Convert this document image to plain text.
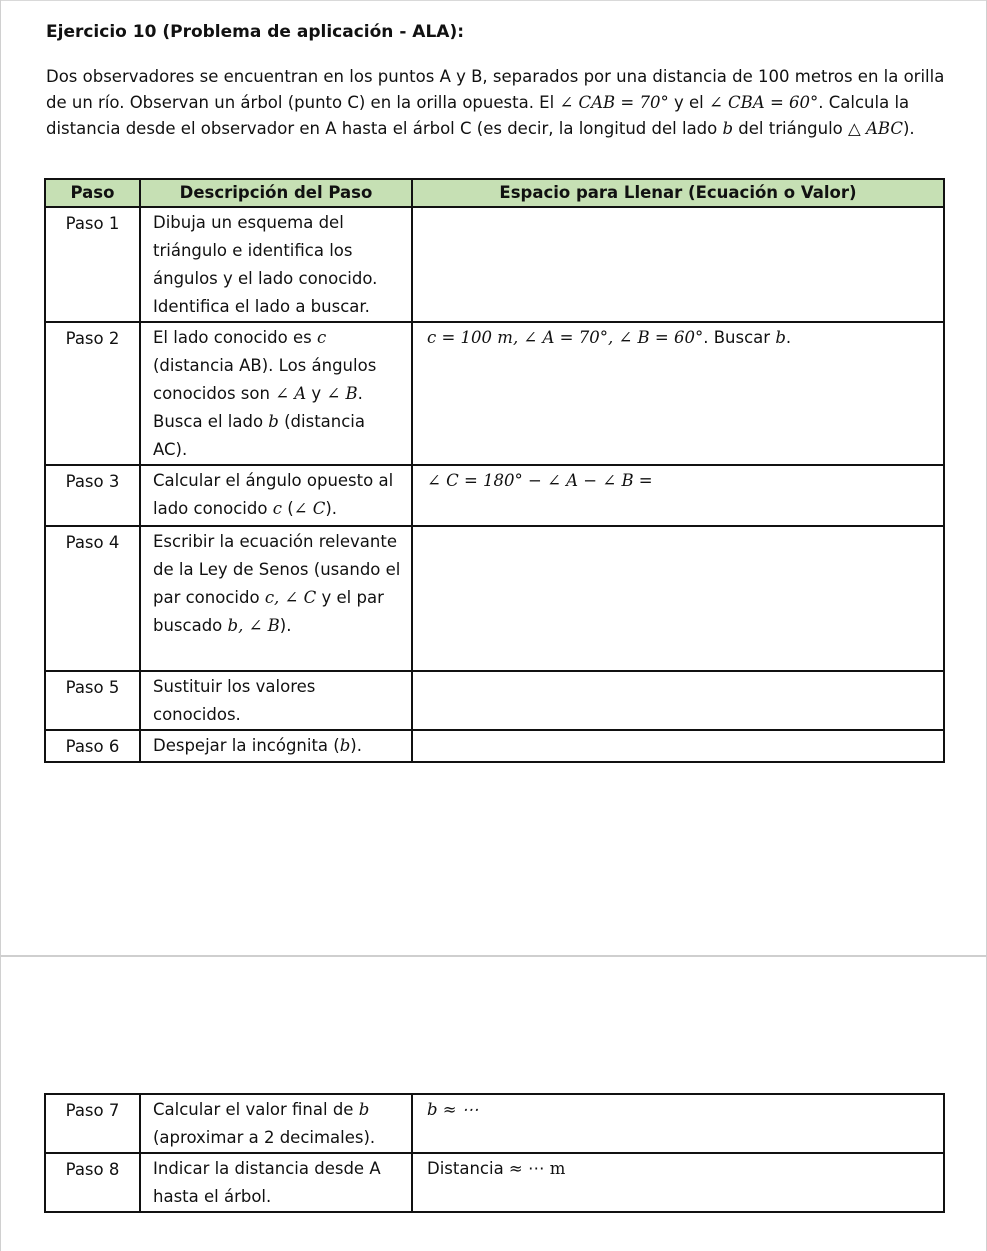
Ejercicio 10 (Problema de aplicación - ALA):
Dos observadores se encuentran en los puntos A y B, separados por una distancia de 100 metros en la orilla de un río. Observan un árbol (punto C) en la orilla opuesta. El ∠ CAB = 70° y el ∠ CBA = 60°. Calcula la distancia desde el observador en A hasta el árbol C (es decir, la longitud del lado b del triángulo △ ABC).
Paso	Descripción del Paso	Espacio para Llenar (Ecuación o Valor)
Paso 1	Dibuja un esquema del triángulo e identifica los ángulos y el lado conocido. Identifica el lado a buscar.	
Paso 2	El lado conocido es c (distancia AB). Los ángulos conocidos son ∠ A y ∠ B. Busca el lado b (distancia AC).	c = 100 m, ∠ A = 70°, ∠ B = 60°. Buscar b.
Paso 3	Calcular el ángulo opuesto al lado conocido c (∠ C).	∠ C = 180° − ∠ A − ∠ B =
Paso 4	Escribir la ecuación relevante de la Ley de Senos (usando el par conocido c, ∠ C y el par buscado b, ∠ B).	
Paso 5	Sustituir los valores conocidos.	
Paso 6	Despejar la incógnita (b).	
Paso 7	Calcular el valor final de b (aproximar a 2 decimales).	b ≈ ⋯
Paso 8	Indicar la distancia desde A hasta el árbol.	Distancia ≈ ⋯ m
